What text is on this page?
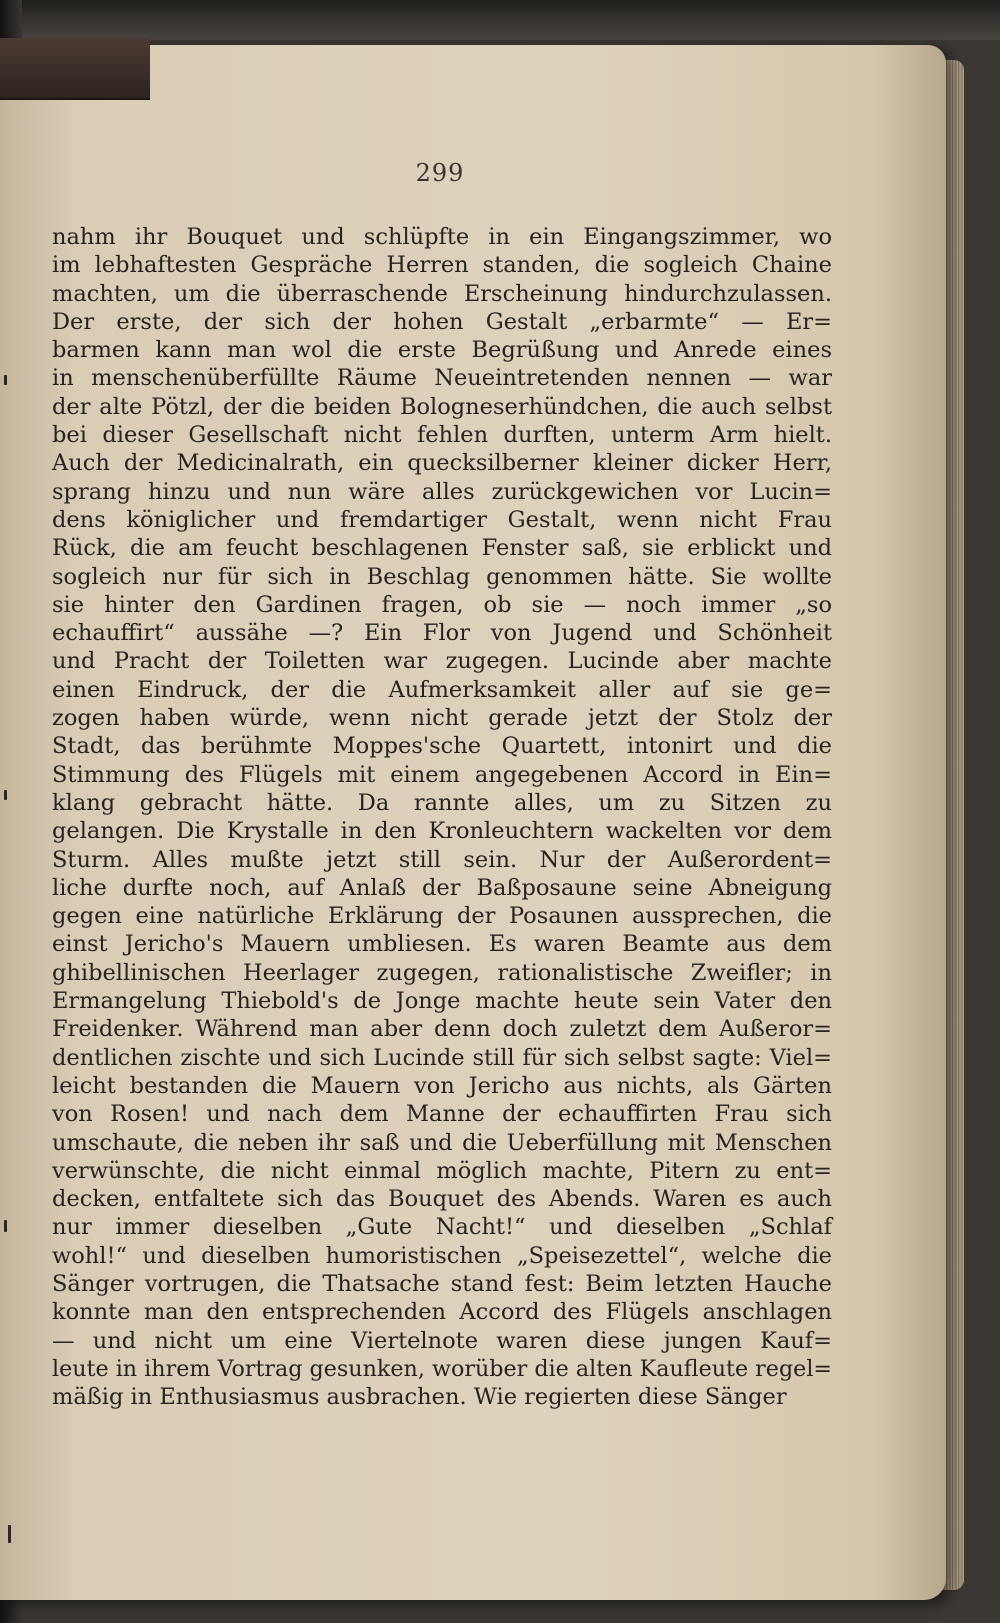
299
nahm ihr Bouquet und schlüpfte in ein Eingangszimmer, wo
im lebhaftesten Gespräche Herren standen, die sogleich Chaine
machten, um die überraschende Erscheinung hindurchzulassen.
Der erste, der sich der hohen Gestalt „erbarmte“ — Er=
barmen kann man wol die erste Begrüßung und Anrede eines
in menschenüberfüllte Räume Neueintretenden nennen — war
der alte Pötzl, der die beiden Bologneserhündchen, die auch selbst
bei dieser Gesellschaft nicht fehlen durften, unterm Arm hielt.
Auch der Medicinalrath, ein quecksilberner kleiner dicker Herr,
sprang hinzu und nun wäre alles zurückgewichen vor Lucin=
dens königlicher und fremdartiger Gestalt, wenn nicht Frau
Rück, die am feucht beschlagenen Fenster saß, sie erblickt und
sogleich nur für sich in Beschlag genommen hätte. Sie wollte
sie hinter den Gardinen fragen, ob sie — noch immer „so
echauffirt“ aussähe —? Ein Flor von Jugend und Schönheit
und Pracht der Toiletten war zugegen. Lucinde aber machte
einen Eindruck, der die Aufmerksamkeit aller auf sie ge=
zogen haben würde, wenn nicht gerade jetzt der Stolz der
Stadt, das berühmte Moppes'sche Quartett, intonirt und die
Stimmung des Flügels mit einem angegebenen Accord in Ein=
klang gebracht hätte. Da rannte alles, um zu Sitzen zu
gelangen. Die Krystalle in den Kronleuchtern wackelten vor dem
Sturm. Alles mußte jetzt still sein. Nur der Außerordent=
liche durfte noch, auf Anlaß der Baßposaune seine Abneigung
gegen eine natürliche Erklärung der Posaunen aussprechen, die
einst Jericho's Mauern umbliesen. Es waren Beamte aus dem
ghibellinischen Heerlager zugegen, rationalistische Zweifler; in
Ermangelung Thiebold's de Jonge machte heute sein Vater den
Freidenker. Während man aber denn doch zuletzt dem Außeror=
dentlichen zischte und sich Lucinde still für sich selbst sagte: Viel=
leicht bestanden die Mauern von Jericho aus nichts, als Gärten
von Rosen! und nach dem Manne der echauffirten Frau sich
umschaute, die neben ihr saß und die Ueberfüllung mit Menschen
verwünschte, die nicht einmal möglich machte, Pitern zu ent=
decken, entfaltete sich das Bouquet des Abends. Waren es auch
nur immer dieselben „Gute Nacht!“ und dieselben „Schlaf
wohl!“ und dieselben humoristischen „Speisezettel“, welche die
Sänger vortrugen, die Thatsache stand fest: Beim letzten Hauche
konnte man den entsprechenden Accord des Flügels anschlagen
— und nicht um eine Viertelnote waren diese jungen Kauf=
leute in ihrem Vortrag gesunken, worüber die alten Kaufleute regel=
mäßig in Enthusiasmus ausbrachen. Wie regierten diese Sänger
